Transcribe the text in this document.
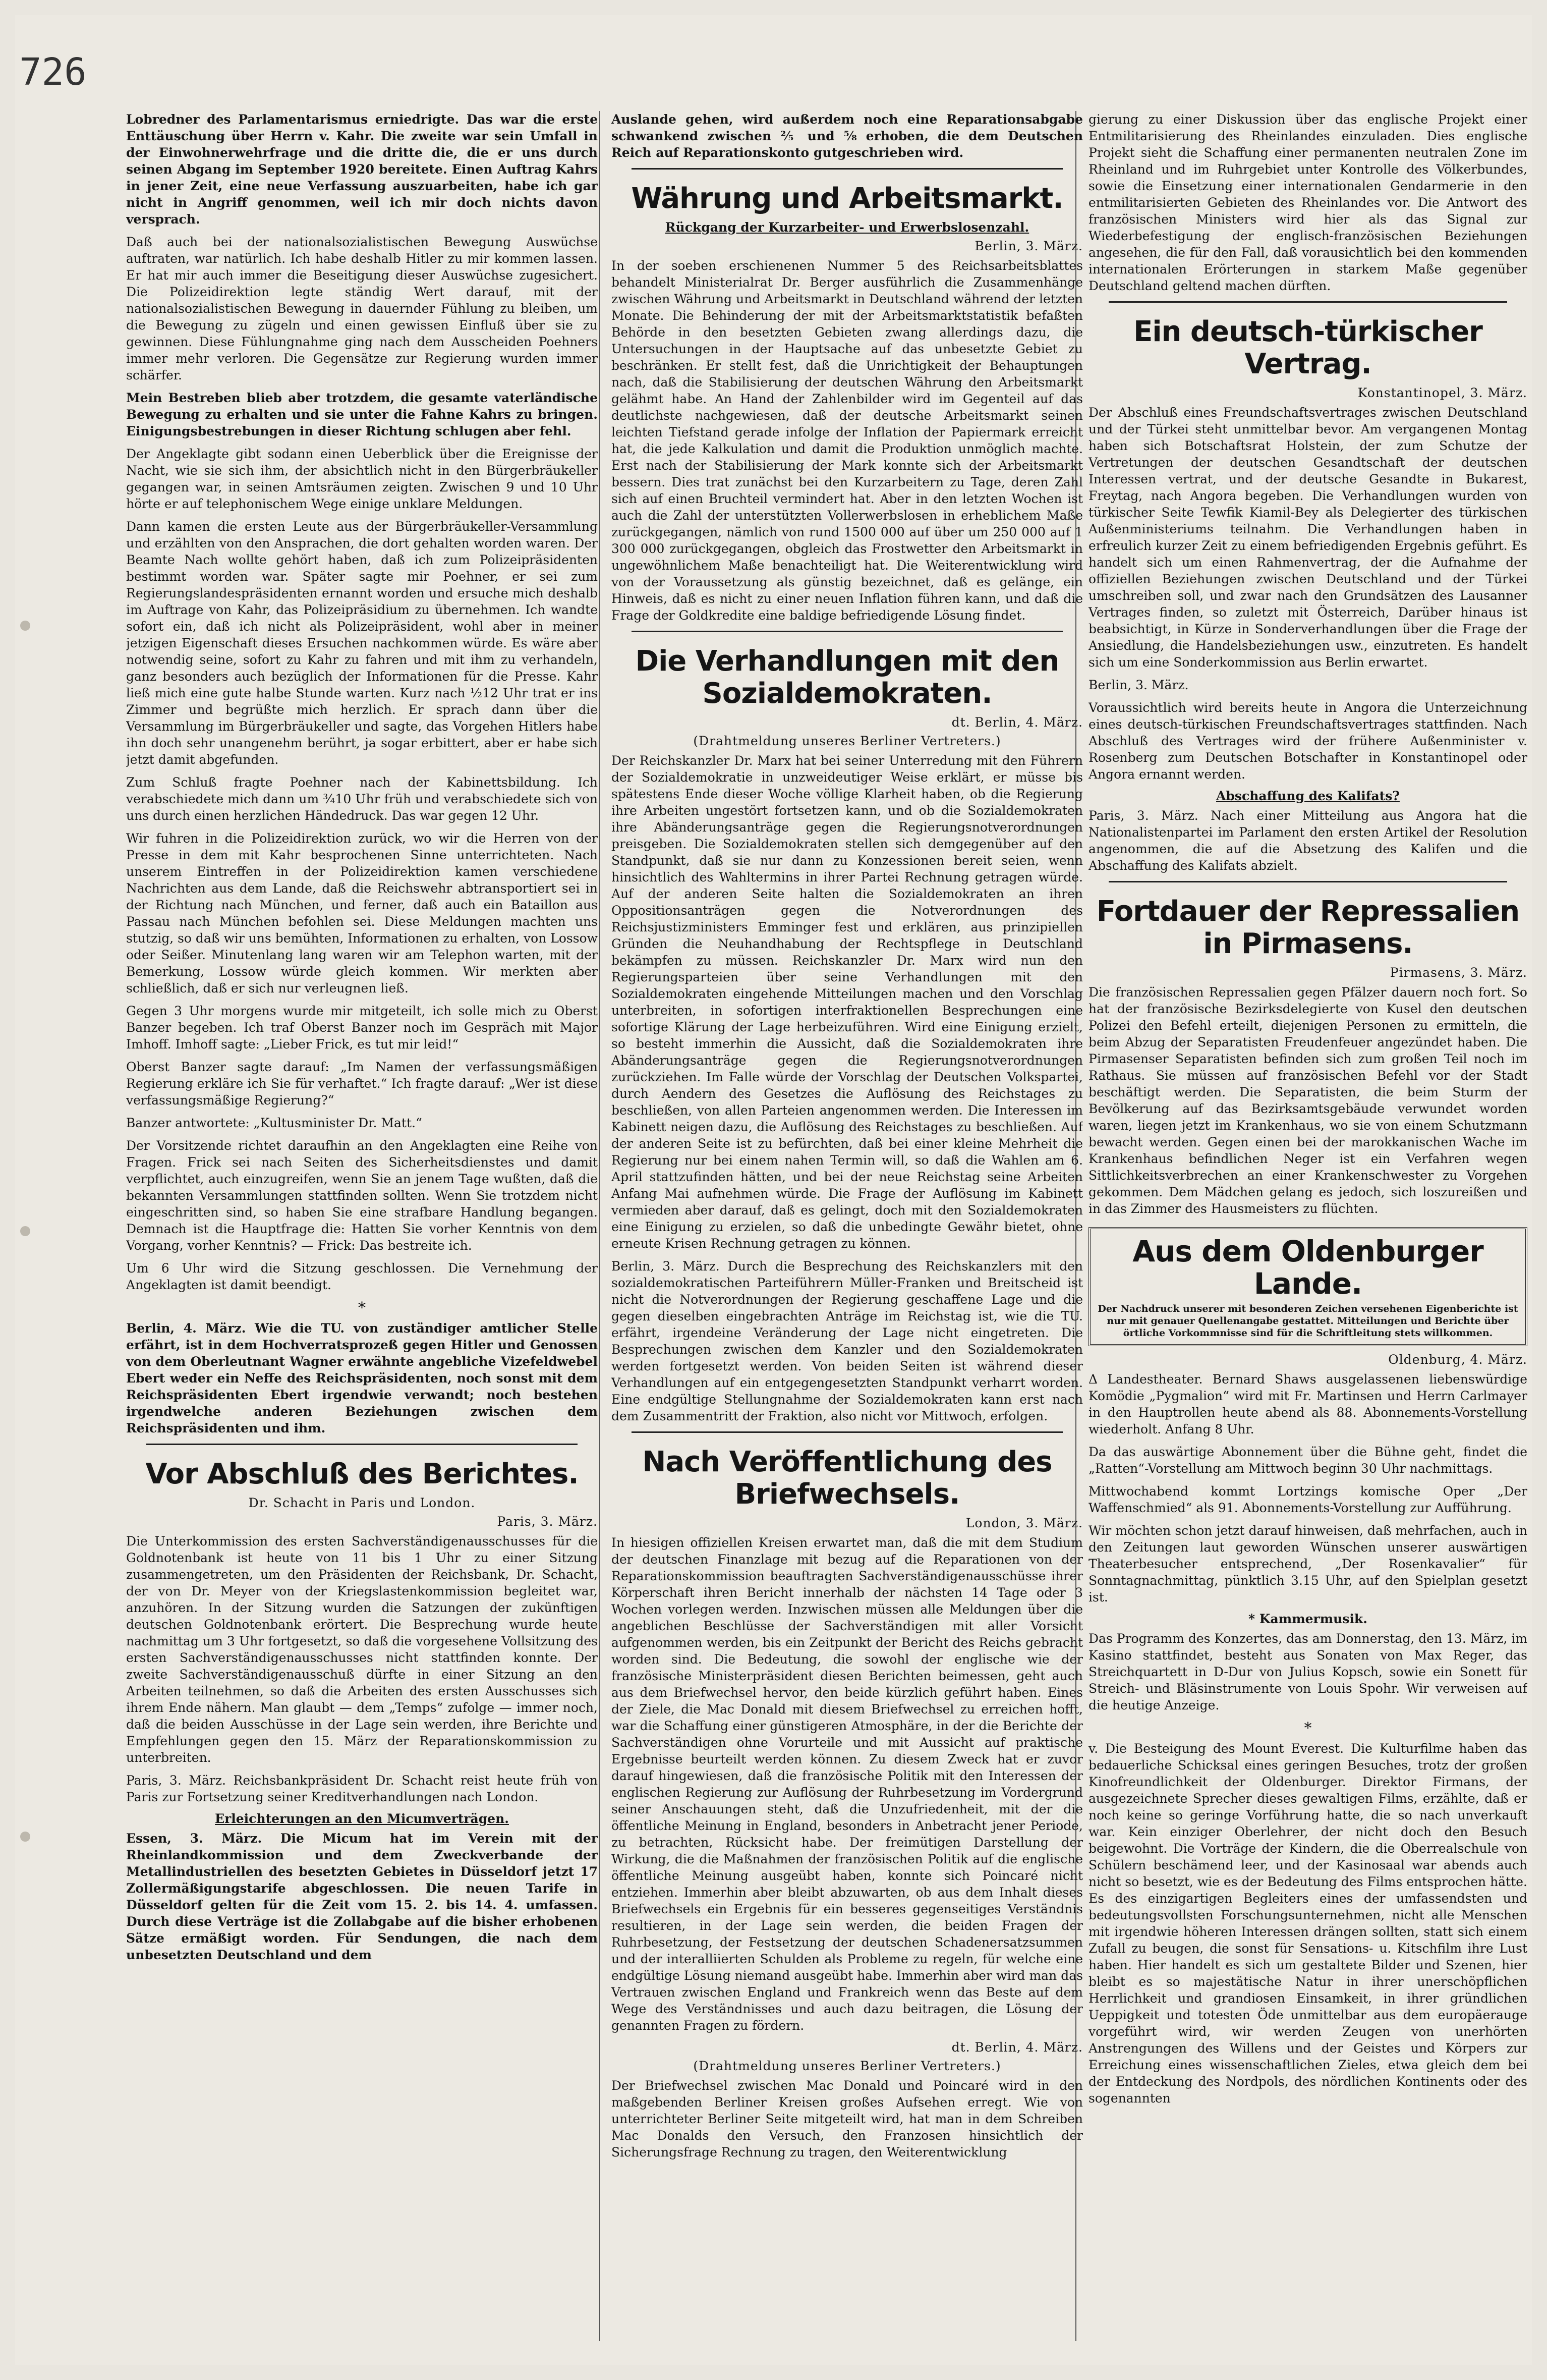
726

Lobredner des Parlamentarismus erniedrigte. Das war die erste Enttäuschung über Herrn v. Kahr. Die zweite war sein Umfall in der Einwohnerwehrfrage und die dritte die, die er uns durch seinen Abgang im September 1920 bereitete. Einen Auftrag Kahrs in jener Zeit, eine neue Verfassung auszuarbeiten, habe ich gar nicht in Angriff genommen, weil ich mir doch nichts davon versprach.

Daß auch bei der nationalsozialistischen Bewegung Auswüchse auftraten, war natürlich. Ich habe deshalb Hitler zu mir kommen lassen. Er hat mir auch immer die Beseitigung dieser Auswüchse zugesichert. Die Polizeidirektion legte ständig Wert darauf, mit der nationalsozialistischen Bewegung in dauernder Fühlung zu bleiben, um die Bewegung zu zügeln und einen gewissen Einfluß über sie zu gewinnen. Diese Fühlungnahme ging nach dem Ausscheiden Poehners immer mehr verloren. Die Gegensätze zur Regierung wurden immer schärfer.

Mein Bestreben blieb aber trotzdem, die gesamte vaterländische Bewegung zu erhalten und sie unter die Fahne Kahrs zu bringen. Einigungsbestrebungen in dieser Richtung schlugen aber fehl.

Der Angeklagte gibt sodann einen Ueberblick über die Ereignisse der Nacht, wie sie sich ihm, der absichtlich nicht in den Bürgerbräukeller gegangen war, in seinen Amtsräumen zeigten. Zwischen 9 und 10 Uhr hörte er auf telephonischem Wege einige unklare Meldungen.

Dann kamen die ersten Leute aus der Bürgerbräukeller-Versammlung und erzählten von den Ansprachen, die dort gehalten worden waren. Der Beamte Nach wollte gehört haben, daß ich zum Polizeipräsidenten bestimmt worden war. Später sagte mir Poehner, er sei zum Regierungslandespräsidenten ernannt worden und ersuche mich deshalb im Auftrage von Kahr, das Polizeipräsidium zu übernehmen. Ich wandte sofort ein, daß ich nicht als Polizeipräsident, wohl aber in meiner jetzigen Eigenschaft dieses Ersuchen nachkommen würde. Es wäre aber notwendig seine, sofort zu Kahr zu fahren und mit ihm zu verhandeln, ganz besonders auch bezüglich der Informationen für die Presse. Kahr ließ mich eine gute halbe Stunde warten. Kurz nach ½12 Uhr trat er ins Zimmer und begrüßte mich herzlich. Er sprach dann über die Versammlung im Bürgerbräukeller und sagte, das Vorgehen Hitlers habe ihn doch sehr unangenehm berührt, ja sogar erbittert, aber er habe sich jetzt damit abgefunden.

Zum Schluß fragte Poehner nach der Kabinettsbildung. Ich verabschiedete mich dann um ¾10 Uhr früh und verabschiedete sich von uns durch einen herzlichen Händedruck. Das war gegen 12 Uhr.

Wir fuhren in die Polizeidirektion zurück, wo wir die Herren von der Presse in dem mit Kahr besprochenen Sinne unterrichteten. Nach unserem Eintreffen in der Polizeidirektion kamen verschiedene Nachrichten aus dem Lande, daß die Reichswehr abtransportiert sei in der Richtung nach München, und ferner, daß auch ein Bataillon aus Passau nach München befohlen sei. Diese Meldungen machten uns stutzig, so daß wir uns bemühten, Informationen zu erhalten, von Lossow oder Seißer. Minutenlang lang waren wir am Telephon warten, mit der Bemerkung, Lossow würde gleich kommen. Wir merkten aber schließlich, daß er sich nur verleugnen ließ.

Gegen 3 Uhr morgens wurde mir mitgeteilt, ich solle mich zu Oberst Banzer begeben. Ich traf Oberst Banzer noch im Gespräch mit Major Imhoff. Imhoff sagte: „Lieber Frick, es tut mir leid!“

Oberst Banzer sagte darauf: „Im Namen der verfassungsmäßigen Regierung erkläre ich Sie für verhaftet.“ Ich fragte darauf: „Wer ist diese verfassungsmäßige Regierung?“

Banzer antwortete: „Kultusminister Dr. Matt.“

Der Vorsitzende richtet daraufhin an den Angeklagten eine Reihe von Fragen. Frick sei nach Seiten des Sicherheitsdienstes und damit verpflichtet, auch einzugreifen, wenn Sie an jenem Tage wußten, daß die bekannten Versammlungen stattfinden sollten. Wenn Sie trotzdem nicht eingeschritten sind, so haben Sie eine strafbare Handlung begangen. Demnach ist die Hauptfrage die: Hatten Sie vorher Kenntnis von dem Vorgang, vorher Kenntnis? — Frick: Das bestreite ich.

Um 6 Uhr wird die Sitzung geschlossen. Die Vernehmung der Angeklagten ist damit beendigt.

*

Berlin, 4. März. Wie die TU. von zuständiger amtlicher Stelle erfährt, ist in dem Hochverratsprozeß gegen Hitler und Genossen von dem Oberleutnant Wagner erwähnte angebliche Vizefeldwebel Ebert weder ein Neffe des Reichspräsidenten, noch sonst mit dem Reichspräsidenten Ebert irgendwie verwandt; noch bestehen irgendwelche anderen Beziehungen zwischen dem Reichspräsidenten und ihm.

Vor Abschluß des Berichtes.
Dr. Schacht in Paris und London.
Paris, 3. März.

Die Unterkommission des ersten Sachverständigenausschusses für die Goldnotenbank ist heute von 11 bis 1 Uhr zu einer Sitzung zusammengetreten, um den Präsidenten der Reichsbank, Dr. Schacht, der von Dr. Meyer von der Kriegslastenkommission begleitet war, anzuhören. In der Sitzung wurden die Satzungen der zukünftigen deutschen Goldnotenbank erörtert. Die Besprechung wurde heute nachmittag um 3 Uhr fortgesetzt, so daß die vorgesehene Vollsitzung des ersten Sachverständigenausschusses nicht stattfinden konnte. Der zweite Sachverständigenausschuß dürfte in einer Sitzung an den Arbeiten teilnehmen, so daß die Arbeiten des ersten Ausschusses sich ihrem Ende nähern. Man glaubt — dem „Temps“ zufolge — immer noch, daß die beiden Ausschüsse in der Lage sein werden, ihre Berichte und Empfehlungen gegen den 15. März der Reparationskommission zu unterbreiten.

Paris, 3. März. Reichsbankpräsident Dr. Schacht reist heute früh von Paris zur Fortsetzung seiner Kreditverhandlungen nach London.

Erleichterungen an den Micumverträgen.

Essen, 3. März. Die Micum hat im Verein mit der Rheinlandkommission und dem Zweckverbande der Metallindustriellen des besetzten Gebietes in Düsseldorf jetzt 17 Zollermäßigungstarife abgeschlossen. Die neuen Tarife in Düsseldorf gelten für die Zeit vom 15. 2. bis 14. 4. umfassen. Durch diese Verträge ist die Zollabgabe auf die bisher erhobenen Sätze ermäßigt worden. Für Sendungen, die nach dem unbesetzten Deutschland und dem

Auslande gehen, wird außerdem noch eine Reparationsabgabe schwankend zwischen ⅖ und ⅝ erhoben, die dem Deutschen Reich auf Reparationskonto gutgeschrieben wird.

Währung und Arbeitsmarkt.
Rückgang der Kurzarbeiter- und Erwerbslosenzahl.
Berlin, 3. März.

In der soeben erschienenen Nummer 5 des Reichsarbeitsblattes behandelt Ministerialrat Dr. Berger ausführlich die Zusammenhänge zwischen Währung und Arbeitsmarkt in Deutschland während der letzten Monate. Die Behinderung der mit der Arbeitsmarktstatistik befaßten Behörde in den besetzten Gebieten zwang allerdings dazu, die Untersuchungen in der Hauptsache auf das unbesetzte Gebiet zu beschränken. Er stellt fest, daß die Unrichtigkeit der Behauptungen nach, daß die Stabilisierung der deutschen Währung den Arbeitsmarkt gelähmt habe. An Hand der Zahlenbilder wird im Gegenteil auf das deutlichste nachgewiesen, daß der deutsche Arbeitsmarkt seinen leichten Tiefstand gerade infolge der Inflation der Papiermark erreicht hat, die jede Kalkulation und damit die Produktion unmöglich machte. Erst nach der Stabilisierung der Mark konnte sich der Arbeitsmarkt bessern. Dies trat zunächst bei den Kurzarbeitern zu Tage, deren Zahl sich auf einen Bruchteil vermindert hat. Aber in den letzten Wochen ist auch die Zahl der unterstützten Vollerwerbslosen in erheblichem Maße zurückgegangen, nämlich von rund 1500 000 auf über um 250 000 auf 1 300 000 zurückgegangen, obgleich das Frostwetter den Arbeitsmarkt in ungewöhnlichem Maße benachteiligt hat. Die Weiterentwicklung wird von der Voraussetzung als günstig bezeichnet, daß es gelänge, ein Hinweis, daß es nicht zu einer neuen Inflation führen kann, und daß die Frage der Goldkredite eine baldige befriedigende Lösung findet.

Die Verhandlungen mit den Sozialdemokraten.
dt. Berlin, 4. März.
(Drahtmeldung unseres Berliner Vertreters.)

Der Reichskanzler Dr. Marx hat bei seiner Unterredung mit den Führern der Sozialdemokratie in unzweideutiger Weise erklärt, er müsse bis spätestens Ende dieser Woche völlige Klarheit haben, ob die Regierung ihre Arbeiten ungestört fortsetzen kann, und ob die Sozialdemokraten ihre Abänderungsanträge gegen die Regierungsnotverordnungen preisgeben. Die Sozialdemokraten stellen sich demgegenüber auf den Standpunkt, daß sie nur dann zu Konzessionen bereit seien, wenn hinsichtlich des Wahltermins in ihrer Partei Rechnung getragen würde. Auf der anderen Seite halten die Sozialdemokraten an ihren Oppositionsanträgen gegen die Notverordnungen des Reichsjustizministers Emminger fest und erklären, aus prinzipiellen Gründen die Neuhandhabung der Rechtspflege in Deutschland bekämpfen zu müssen. Reichskanzler Dr. Marx wird nun den Regierungsparteien über seine Verhandlungen mit den Sozialdemokraten eingehende Mitteilungen machen und den Vorschlag unterbreiten, in sofortigen interfraktionellen Besprechungen eine sofortige Klärung der Lage herbeizuführen. Wird eine Einigung erzielt, so besteht immerhin die Aussicht, daß die Sozialdemokraten ihre Abänderungsanträge gegen die Regierungsnotverordnungen zurückziehen. Im Falle würde der Vorschlag der Deutschen Volkspartei, durch Aendern des Gesetzes die Auflösung des Reichstages zu beschließen, von allen Parteien angenommen werden. Die Interessen im Kabinett neigen dazu, die Auflösung des Reichstages zu beschließen. Auf der anderen Seite ist zu befürchten, daß bei einer kleine Mehrheit die Regierung nur bei einem nahen Termin will, so daß die Wahlen am 6. April stattzufinden hätten, und bei der neue Reichstag seine Arbeiten Anfang Mai aufnehmen würde. Die Frage der Auflösung im Kabinett vermieden aber darauf, daß es gelingt, doch mit den Sozialdemokraten eine Einigung zu erzielen, so daß die unbedingte Gewähr bietet, ohne erneute Krisen Rechnung getragen zu können.

Berlin, 3. März. Durch die Besprechung des Reichskanzlers mit den sozialdemokratischen Parteiführern Müller-Franken und Breitscheid ist nicht die Notverordnungen der Regierung geschaffene Lage und die gegen dieselben eingebrachten Anträge im Reichstag ist, wie die TU. erfährt, irgendeine Veränderung der Lage nicht eingetreten. Die Besprechungen zwischen dem Kanzler und den Sozialdemokraten werden fortgesetzt werden. Von beiden Seiten ist während dieser Verhandlungen auf ein entgegengesetzten Standpunkt verharrt worden. Eine endgültige Stellungnahme der Sozialdemokraten kann erst nach dem Zusammentritt der Fraktion, also nicht vor Mittwoch, erfolgen.

Nach Veröffentlichung des Briefwechsels.
London, 3. März.

In hiesigen offiziellen Kreisen erwartet man, daß die mit dem Studium der deutschen Finanzlage mit bezug auf die Reparationen von der Reparationskommission beauftragten Sachverständigenausschüsse ihrer Körperschaft ihren Bericht innerhalb der nächsten 14 Tage oder 3 Wochen vorlegen werden. Inzwischen müssen alle Meldungen über die angeblichen Beschlüsse der Sachverständigen mit aller Vorsicht aufgenommen werden, bis ein Zeitpunkt der Bericht des Reichs gebracht worden sind. Die Bedeutung, die sowohl der englische wie der französische Ministerpräsident diesen Berichten beimessen, geht auch aus dem Briefwechsel hervor, den beide kürzlich geführt haben. Eines der Ziele, die Mac Donald mit diesem Briefwechsel zu erreichen hofft, war die Schaffung einer günstigeren Atmosphäre, in der die Berichte der Sachverständigen ohne Vorurteile und mit Aussicht auf praktische Ergebnisse beurteilt werden können. Zu diesem Zweck hat er zuvor darauf hingewiesen, daß die französische Politik mit den Interessen der englischen Regierung zur Auflösung der Ruhrbesetzung im Vordergrund seiner Anschauungen steht, daß die Unzufriedenheit, mit der die öffentliche Meinung in England, besonders in Anbetracht jener Periode, zu betrachten, Rücksicht habe. Der freimütigen Darstellung der Wirkung, die die Maßnahmen der französischen Politik auf die englische öffentliche Meinung ausgeübt haben, konnte sich Poincaré nicht entziehen. Immerhin aber bleibt abzuwarten, ob aus dem Inhalt dieses Briefwechsels ein Ergebnis für ein besseres gegenseitiges Verständnis resultieren, in der Lage sein werden, die beiden Fragen der Ruhrbesetzung, der Festsetzung der deutschen Schadenersatzsummen und der interalliierten Schulden als Probleme zu regeln, für welche eine endgültige Lösung niemand ausgeübt habe. Immerhin aber wird man das Vertrauen zwischen England und Frankreich wenn das Beste auf dem Wege des Verständnisses und auch dazu beitragen, die Lösung der genannten Fragen zu fördern.

dt. Berlin, 4. März.
(Drahtmeldung unseres Berliner Vertreters.)

Der Briefwechsel zwischen Mac Donald und Poincaré wird in den maßgebenden Berliner Kreisen großes Aufsehen erregt. Wie von unterrichteter Berliner Seite mitgeteilt wird, hat man in dem Schreiben Mac Donalds den Versuch, den Franzosen hinsichtlich der Sicherungsfrage Rechnung zu tragen, den Weiterentwicklung

gierung zu einer Diskussion über das englische Projekt einer Entmilitarisierung des Rheinlandes einzuladen. Dies englische Projekt sieht die Schaffung einer permanenten neutralen Zone im Rheinland und im Ruhrgebiet unter Kontrolle des Völkerbundes, sowie die Einsetzung einer internationalen Gendarmerie in den entmilitarisierten Gebieten des Rheinlandes vor. Die Antwort des französischen Ministers wird hier als das Signal zur Wiederbefestigung der englisch-französischen Beziehungen angesehen, die für den Fall, daß vorausichtlich bei den kommenden internationalen Erörterungen in starkem Maße gegenüber Deutschland geltend machen dürften.

Ein deutsch-türkischer Vertrag.
Konstantinopel, 3. März.

Der Abschluß eines Freundschaftsvertrages zwischen Deutschland und der Türkei steht unmittelbar bevor. Am vergangenen Montag haben sich Botschaftsrat Holstein, der zum Schutze der Vertretungen der deutschen Gesandtschaft der deutschen Interessen vertrat, und der deutsche Gesandte in Bukarest, Freytag, nach Angora begeben. Die Verhandlungen wurden von türkischer Seite Tewfik Kiamil-Bey als Delegierter des türkischen Außenministeriums teilnahm. Die Verhandlungen haben in erfreulich kurzer Zeit zu einem befriedigenden Ergebnis geführt. Es handelt sich um einen Rahmenvertrag, der die Aufnahme der offiziellen Beziehungen zwischen Deutschland und der Türkei umschreiben soll, und zwar nach den Grundsätzen des Lausanner Vertrages finden, so zuletzt mit Österreich, Darüber hinaus ist beabsichtigt, in Kürze in Sonderverhandlungen über die Frage der Ansiedlung, die Handelsbeziehungen usw., einzutreten. Es handelt sich um eine Sonderkommission aus Berlin erwartet.

Berlin, 3. März.

Voraussichtlich wird bereits heute in Angora die Unterzeichnung eines deutsch-türkischen Freundschaftsvertrages stattfinden. Nach Abschluß des Vertrages wird der frühere Außenminister v. Rosenberg zum Deutschen Botschafter in Konstantinopel oder Angora ernannt werden.

Abschaffung des Kalifats?

Paris, 3. März. Nach einer Mitteilung aus Angora hat die Nationalistenpartei im Parlament den ersten Artikel der Resolution angenommen, die auf die Absetzung des Kalifen und die Abschaffung des Kalifats abzielt.

Fortdauer der Repressalien in Pirmasens.
Pirmasens, 3. März.

Die französischen Repressalien gegen Pfälzer dauern noch fort. So hat der französische Bezirksdelegierte von Kusel den deutschen Polizei den Befehl erteilt, diejenigen Personen zu ermitteln, die beim Abzug der Separatisten Freudenfeuer angezündet haben. Die Pirmasenser Separatisten befinden sich zum großen Teil noch im Rathaus. Sie müssen auf französischen Befehl vor der Stadt beschäftigt werden. Die Separatisten, die beim Sturm der Bevölkerung auf das Bezirksamtsgebäude verwundet worden waren, liegen jetzt im Krankenhaus, wo sie von einem Schutzmann bewacht werden. Gegen einen bei der marokkanischen Wache im Krankenhaus befindlichen Neger ist ein Verfahren wegen Sittlichkeitsverbrechen an einer Krankenschwester zu Vorgehen gekommen. Dem Mädchen gelang es jedoch, sich loszureißen und in das Zimmer des Hausmeisters zu flüchten.

Aus dem Oldenburger Lande.
Der Nachdruck unserer mit besonderen Zeichen versehenen Eigenberichte ist nur mit genauer Quellenangabe gestattet. Mitteilungen und Berichte über örtliche Vorkommnisse sind für die Schriftleitung stets willkommen.
Oldenburg, 4. März.

Δ Landestheater. Bernard Shaws ausgelassenen liebenswürdige Komödie „Pygmalion“ wird mit Fr. Martinsen und Herrn Carlmayer in den Hauptrollen heute abend als 88. Abonnements-Vorstellung wiederholt. Anfang 8 Uhr.

Da das auswärtige Abonnement über die Bühne geht, findet die „Ratten“-Vorstellung am Mittwoch beginn 30 Uhr nachmittags.

Mittwochabend kommt Lortzings komische Oper „Der Waffenschmied“ als 91. Abonnements-Vorstellung zur Aufführung.

Wir möchten schon jetzt darauf hinweisen, daß mehrfachen, auch in den Zeitungen laut geworden Wünschen unserer auswärtigen Theaterbesucher entsprechend, „Der Rosenkavalier“ für Sonntagnachmittag, pünktlich 3.15 Uhr, auf den Spielplan gesetzt ist.

* Kammermusik.

Das Programm des Konzertes, das am Donnerstag, den 13. März, im Kasino stattfindet, besteht aus Sonaten von Max Reger, das Streichquartett in D-Dur von Julius Kopsch, sowie ein Sonett für Streich- und Bläsinstrumente von Louis Spohr. Wir verweisen auf die heutige Anzeige.

*

v. Die Besteigung des Mount Everest. Die Kulturfilme haben das bedauerliche Schicksal eines geringen Besuches, trotz der großen Kinofreundlichkeit der Oldenburger. Direktor Firmans, der ausgezeichnete Sprecher dieses gewaltigen Films, erzählte, daß er noch keine so geringe Vorführung hatte, die so nach unverkauft war. Kein einziger Oberlehrer, der nicht doch den Besuch beigewohnt. Die Vorträge der Kindern, die die Oberrealschule von Schülern beschämend leer, und der Kasinosaal war abends auch nicht so besetzt, wie es der Bedeutung des Films entsprochen hätte. Es des einzigartigen Begleiters eines der umfassendsten und bedeutungsvollsten Forschungsunternehmen, nicht alle Menschen mit irgendwie höheren Interessen drängen sollten, statt sich einem Zufall zu beugen, die sonst für Sensations- u. Kitschfilm ihre Lust haben. Hier handelt es sich um gestaltete Bilder und Szenen, hier bleibt es so majestätische Natur in ihrer unerschöpflichen Herrlichkeit und grandiosen Einsamkeit, in ihrer gründlichen Ueppigkeit und totesten Öde unmittelbar aus dem europäerauge vorgeführt wird, wir werden Zeugen von unerhörten Anstrengungen des Willens und der Geistes und Körpers zur Erreichung eines wissenschaftlichen Zieles, etwa gleich dem bei der Entdeckung des Nordpols, des nördlichen Kontinents oder des sogenannten
